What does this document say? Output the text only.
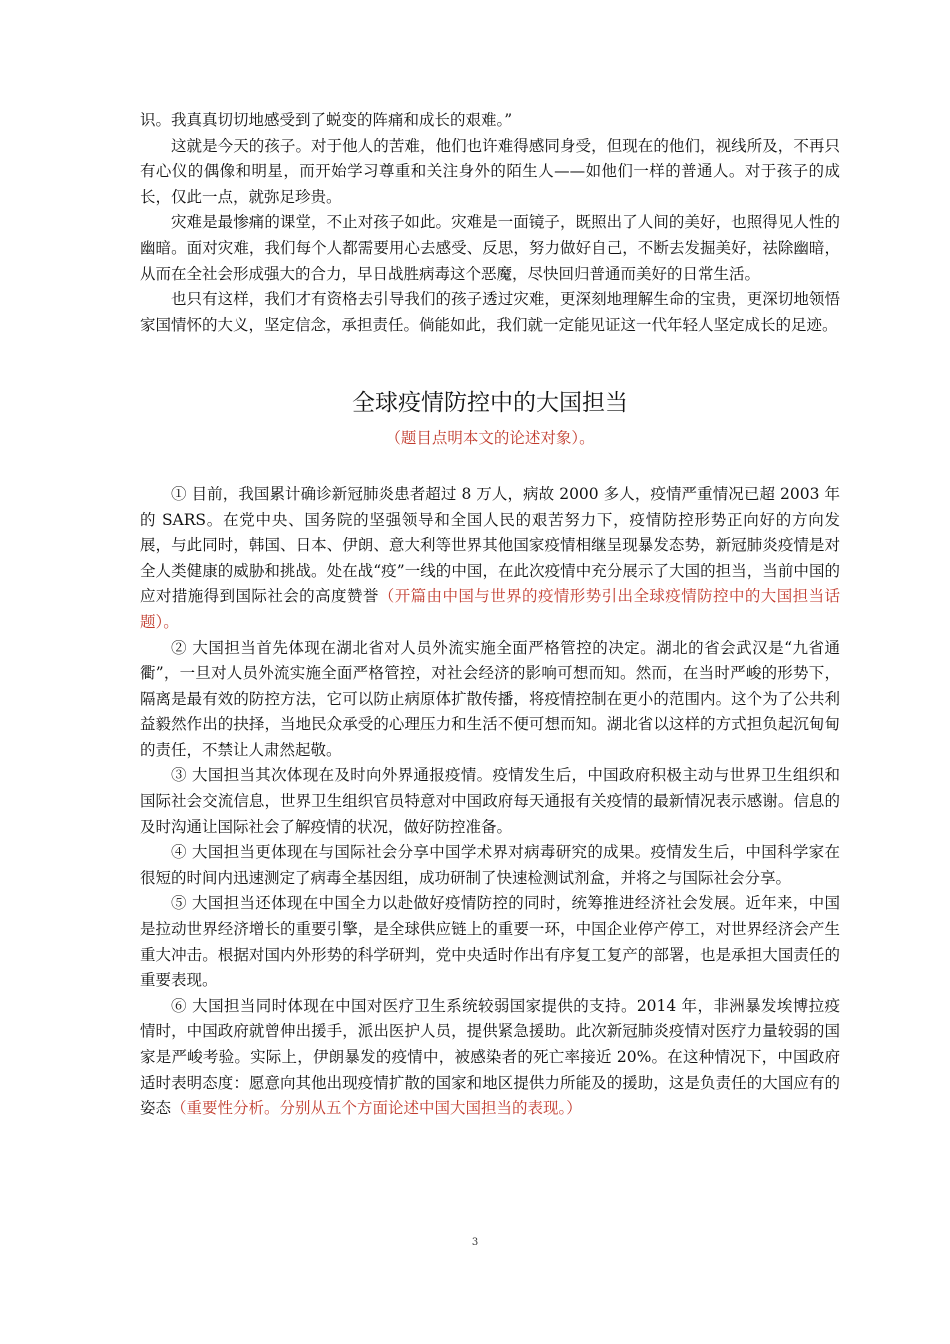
识。我真真切切地感受到了蜕变的阵痛和成长的艰难。”

这就是今天的孩子。对于他人的苦难，他们也许难得感同身受，但现在的他们，视线所及，不再只有心仪的偶像和明星，而开始学习尊重和关注身外的陌生人——如他们一样的普通人。对于孩子的成长，仅此一点，就弥足珍贵。

灾难是最惨痛的课堂，不止对孩子如此。灾难是一面镜子，既照出了人间的美好，也照得见人性的幽暗。面对灾难，我们每个人都需要用心去感受、反思，努力做好自己，不断去发掘美好，祛除幽暗，从而在全社会形成强大的合力，早日战胜病毒这个恶魔，尽快回归普通而美好的日常生活。

也只有这样，我们才有资格去引导我们的孩子透过灾难，更深刻地理解生命的宝贵，更深切地领悟家国情怀的大义，坚定信念，承担责任。倘能如此，我们就一定能见证这一代年轻人坚定成长的足迹。

全球疫情防控中的大国担当

（题目点明本文的论述对象）。

① 目前，我国累计确诊新冠肺炎患者超过 8 万人，病故 2000 多人，疫情严重情况已超 2003 年的 SARS。在党中央、国务院的坚强领导和全国人民的艰苦努力下，疫情防控形势正向好的方向发展，与此同时，韩国、日本、伊朗、意大利等世界其他国家疫情相继呈现暴发态势，新冠肺炎疫情是对全人类健康的威胁和挑战。处在战“疫”一线的中国，在此次疫情中充分展示了大国的担当，当前中国的应对措施得到国际社会的高度赞誉（开篇由中国与世界的疫情形势引出全球疫情防控中的大国担当话题）。

② 大国担当首先体现在湖北省对人员外流实施全面严格管控的决定。湖北的省会武汉是“九省通衢”，一旦对人员外流实施全面严格管控，对社会经济的影响可想而知。然而，在当时严峻的形势下，隔离是最有效的防控方法，它可以防止病原体扩散传播，将疫情控制在更小的范围内。这个为了公共利益毅然作出的抉择，当地民众承受的心理压力和生活不便可想而知。湖北省以这样的方式担负起沉甸甸的责任，不禁让人肃然起敬。

③ 大国担当其次体现在及时向外界通报疫情。疫情发生后，中国政府积极主动与世界卫生组织和国际社会交流信息，世界卫生组织官员特意对中国政府每天通报有关疫情的最新情况表示感谢。信息的及时沟通让国际社会了解疫情的状况，做好防控准备。

④ 大国担当更体现在与国际社会分享中国学术界对病毒研究的成果。疫情发生后，中国科学家在很短的时间内迅速测定了病毒全基因组，成功研制了快速检测试剂盒，并将之与国际社会分享。

⑤ 大国担当还体现在中国全力以赴做好疫情防控的同时，统筹推进经济社会发展。近年来，中国是拉动世界经济增长的重要引擎，是全球供应链上的重要一环，中国企业停产停工，对世界经济会产生重大冲击。根据对国内外形势的科学研判，党中央适时作出有序复工复产的部署，也是承担大国责任的重要表现。

⑥ 大国担当同时体现在中国对医疗卫生系统较弱国家提供的支持。2014 年，非洲暴发埃博拉疫情时，中国政府就曾伸出援手，派出医护人员，提供紧急援助。此次新冠肺炎疫情对医疗力量较弱的国家是严峻考验。实际上，伊朗暴发的疫情中，被感染者的死亡率接近 20%。在这种情况下，中国政府适时表明态度：愿意向其他出现疫情扩散的国家和地区提供力所能及的援助，这是负责任的大国应有的姿态（重要性分析。分别从五个方面论述中国大国担当的表现。）

3
